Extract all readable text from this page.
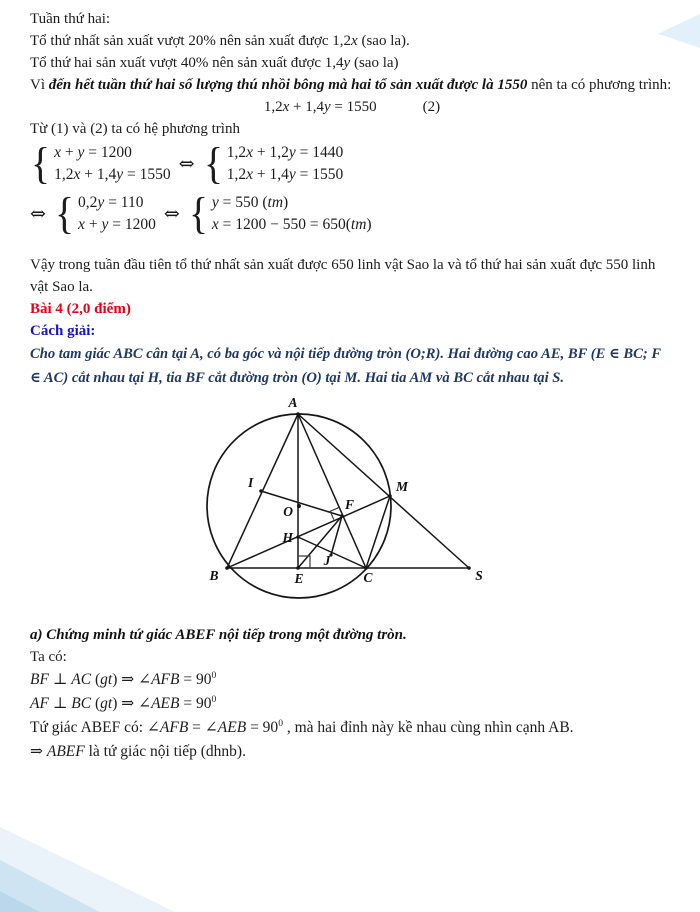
Tuần thứ hai:

Tổ thứ nhất sản xuất vượt 20% nên sản xuất được 1,2x (sao la).

Tổ thứ hai sản xuất vượt 40% nên sản xuất được 1,4y (sao la)

Vì đến hết tuần thứ hai số lượng thú nhồi bông mà hai tổ sản xuất được là 1550 nên ta có phương trình:

1,2x + 1,4y = 1550	(2)

Từ (1) và (2) ta có hệ phương trình

{ x + y = 1200
1,2x + 1,4y = 1550 ⇔ { 1,2x + 1,2y = 1440
1,2x + 1,4y = 1550
⇔ { 0,2y = 110
x + y = 1200 ⇔ { y = 550 (tm)
x = 1200 − 550 = 650(tm)

Vậy trong tuần đầu tiên tổ thứ nhất sản xuất được 650 linh vật Sao la và tổ thứ hai sản xuất đực 550 linh vật Sao la.

Bài 4 (2,0 điểm)

Cách giải:

Cho tam giác ABC cân tại A, có ba góc và nội tiếp đường tròn (O;R). Hai đường cao AE, BF (E ∈ BC; F ∈ AC) cắt nhau tại H, tia BF cắt đường tròn (O) tại M. Hai tia AM và BC cắt nhau tại S.

A
I
O
H
F
M
B	E
J
C	S

a) Chứng minh tứ giác ABEF nội tiếp trong một đường tròn.

Ta có:

BF ⊥ AC (gt) ⇒ ∠AFB = $90^0$

AF ⊥ BC (gt) ⇒ ∠AEB = $90^0$

Tứ giác ABEF có: ∠AFB = ∠AEB = $90^0$ , mà hai đỉnh này kề nhau cùng nhìn cạnh AB.

⇒ ABEF là tứ giác nội tiếp (dhnb).
